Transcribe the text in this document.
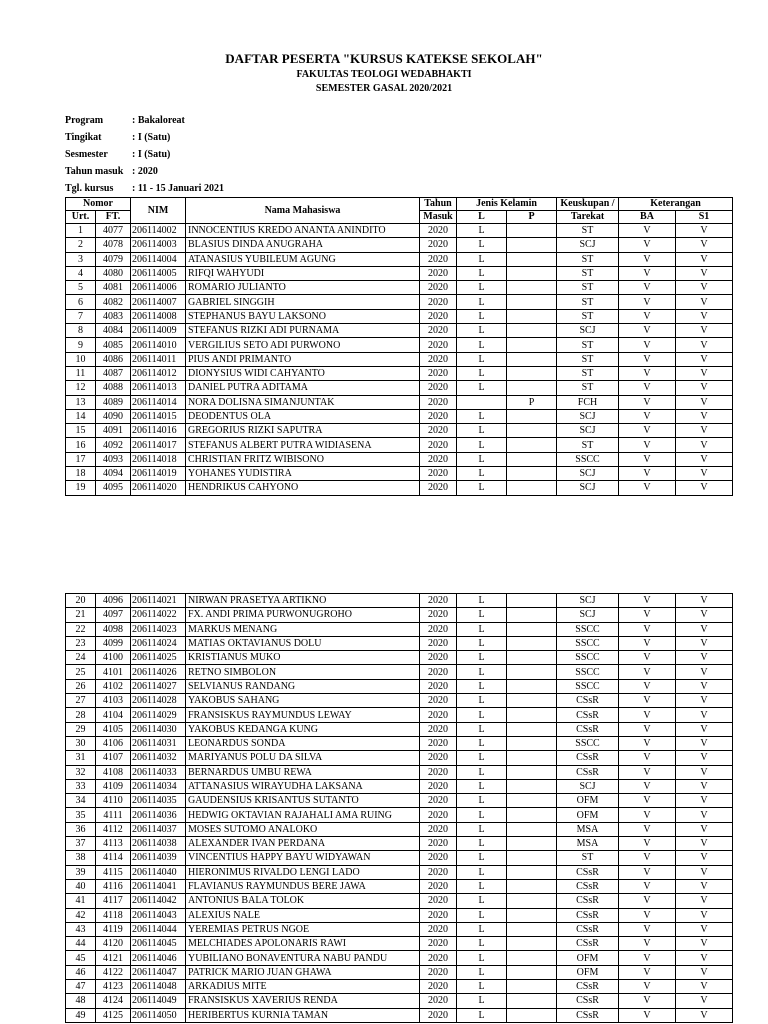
DAFTAR PESERTA "KURSUS KATEKSE SEKOLAH"
FAKULTAS TEOLOGI WEDABHAKTI
SEMESTER GASAL 2020/2021
Program	: Bakaloreat
Tingikat	: I (Satu)
Sesmester : I (Satu)
Tahun masuk : 2020
Tgl. kursus : 11 - 15 Januari 2021
Nomor		NIM	Nama Mahasiswa	Tahun	Jenis Kelamin		Keuskupan /	Keterangan	
Urt.	FT.			Masuk	L	P	Tarekat	BA	S1
1	4077	206114002	INNOCENTIUS KREDO ANANTA ANINDITO	2020	L		ST	V	V
2	4078	206114003	BLASIUS DINDA ANUGRAHA	2020	L		SCJ	V	V
3	4079	206114004	ATANASIUS YUBILEUM AGUNG	2020	L		ST	V	V
4	4080	206114005	RIFQI WAHYUDI	2020	L		ST	V	V
5	4081	206114006	ROMARIO JULIANTO	2020	L		ST	V	V
6	4082	206114007	GABRIEL SINGGIH	2020	L		ST	V	V
7	4083	206114008	STEPHANUS BAYU LAKSONO	2020	L		ST	V	V
8	4084	206114009	STEFANUS RIZKI ADI PURNAMA	2020	L		SCJ	V	V
9	4085	206114010	VERGILIUS SETO ADI PURWONO	2020	L		ST	V	V
10	4086	206114011	PIUS ANDI PRIMANTO	2020	L		ST	V	V
11	4087	206114012	DIONYSIUS WIDI CAHYANTO	2020	L		ST	V	V
12	4088	206114013	DANIEL PUTRA ADITAMA	2020	L		ST	V	V
13	4089	206114014	NORA DOLISNA SIMANJUNTAK	2020		P	FCH	V	V
14	4090	206114015	DEODENTUS OLA	2020	L		SCJ	V	V
15	4091	206114016	GREGORIUS RIZKI SAPUTRA	2020	L		SCJ	V	V
16	4092	206114017	STEFANUS ALBERT PUTRA WIDIASENA	2020	L		ST	V	V
17	4093	206114018	CHRISTIAN FRITZ WIBISONO	2020	L		SSCC	V	V
18	4094	206114019	YOHANES YUDISTIRA	2020	L		SCJ	V	V
19	4095	206114020	HENDRIKUS CAHYONO	2020	L		SCJ	V	V
20	4096	206114021	NIRWAN PRASETYA ARTIKNO	2020	L		SCJ	V	V
21	4097	206114022	FX. ANDI PRIMA PURWONUGROHO	2020	L		SCJ	V	V
22	4098	206114023	MARKUS MENANG	2020	L		SSCC	V	V
23	4099	206114024	MATIAS OKTAVIANUS DOLU	2020	L		SSCC	V	V
24	4100	206114025	KRISTIANUS MUKO	2020	L		SSCC	V	V
25	4101	206114026	RETNO SIMBOLON	2020	L		SSCC	V	V
26	4102	206114027	SELVIANUS RANDANG	2020	L		SSCC	V	V
27	4103	206114028	YAKOBUS SAHANG	2020	L		CSsR	V	V
28	4104	206114029	FRANSISKUS RAYMUNDUS LEWAY	2020	L		CSsR	V	V
29	4105	206114030	YAKOBUS KEDANGA KUNG	2020	L		CSsR	V	V
30	4106	206114031	LEONARDUS SONDA	2020	L		SSCC	V	V
31	4107	206114032	MARIYANUS POLU DA SILVA	2020	L		CSsR	V	V
32	4108	206114033	BERNARDUS UMBU REWA	2020	L		CSsR	V	V
33	4109	206114034	ATTANASIUS WIRAYUDHA LAKSANA	2020	L		SCJ	V	V
34	4110	206114035	GAUDENSIUS KRISANTUS SUTANTO	2020	L		OFM	V	V
35	4111	206114036	HEDWIG OKTAVIAN RAJAHALI AMA RUING	2020	L		OFM	V	V
36	4112	206114037	MOSES SUTOMO ANALOKO	2020	L		MSA	V	V
37	4113	206114038	ALEXANDER IVAN PERDANA	2020	L		MSA	V	V
38	4114	206114039	VINCENTIUS HAPPY BAYU WIDYAWAN	2020	L		ST	V	V
39	4115	206114040	HIERONIMUS RIVALDO LENGI LADO	2020	L		CSsR	V	V
40	4116	206114041	FLAVIANUS RAYMUNDUS BERE JAWA	2020	L		CSsR	V	V
41	4117	206114042	ANTONIUS BALA TOLOK	2020	L		CSsR	V	V
42	4118	206114043	ALEXIUS NALE	2020	L		CSsR	V	V
43	4119	206114044	YEREMIAS PETRUS NGOE	2020	L		CSsR	V	V
44	4120	206114045	MELCHIADES APOLONARIS RAWI	2020	L		CSsR	V	V
45	4121	206114046	YUBILIANO BONAVENTURA NABU PANDU	2020	L		OFM	V	V
46	4122	206114047	PATRICK MARIO JUAN GHAWA	2020	L		OFM	V	V
47	4123	206114048	ARKADIUS MITE	2020	L		CSsR	V	V
48	4124	206114049	FRANSISKUS XAVERIUS RENDA	2020	L		CSsR	V	V
49	4125	206114050	HERIBERTUS KURNIA TAMAN	2020	L		CSsR	V	V
